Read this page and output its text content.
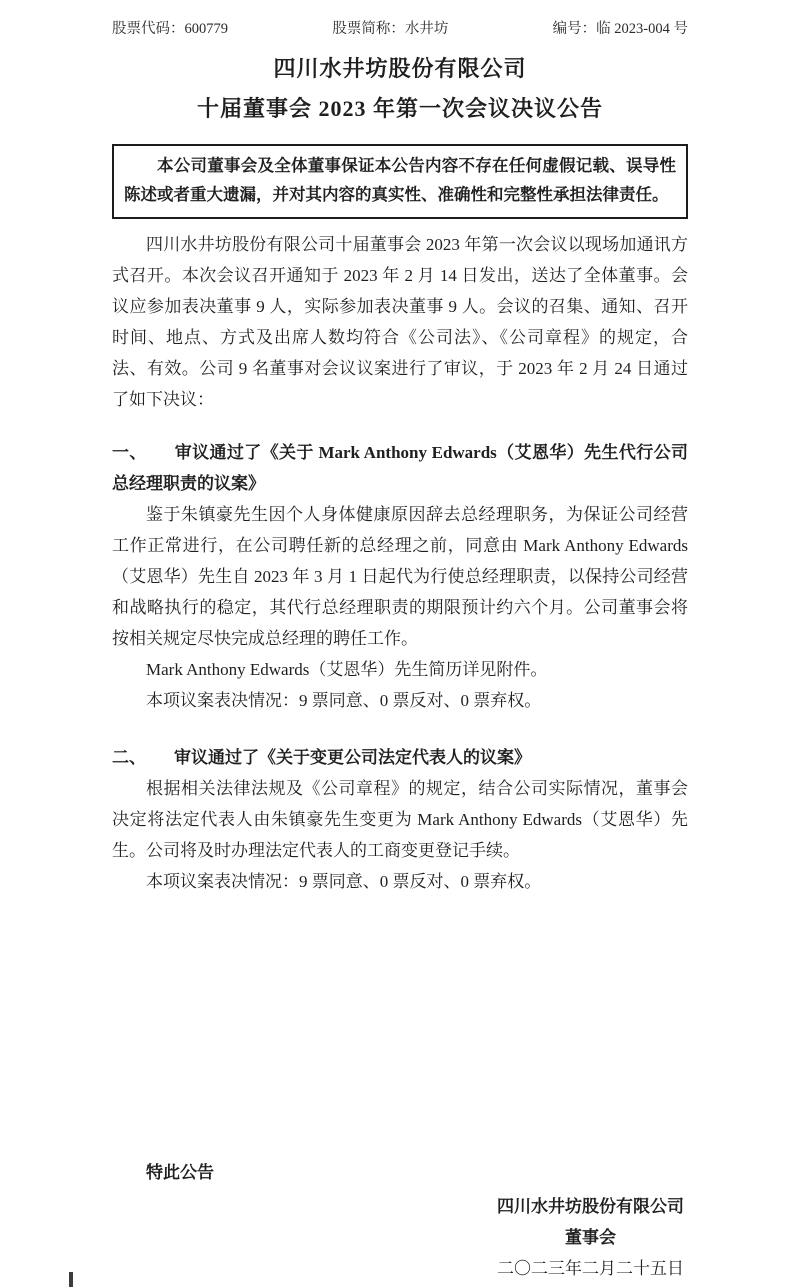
股票代码：600779	股票简称：水井坊	编号：临 2023-004 号
四川水井坊股份有限公司
十届董事会 2023 年第一次会议决议公告

本公司董事会及全体董事保证本公告内容不存在任何虚假记载、误导性陈述或者重大遗漏，并对其内容的真实性、准确性和完整性承担法律责任。

四川水井坊股份有限公司十届董事会 2023 年第一次会议以现场加通讯方式召开。本次会议召开通知于 2023 年 2 月 14 日发出，送达了全体董事。会议应参加表决董事 9 人，实际参加表决董事 9 人。会议的召集、通知、召开时间、地点、方式及出席人数均符合《公司法》、《公司章程》的规定，合法、有效。公司 9 名董事对会议议案进行了审议，于 2023 年 2 月 24 日通过了如下决议：

一、 审议通过了《关于 Mark Anthony Edwards（艾恩华）先生代行公司总经理职责的议案》

鉴于朱镇豪先生因个人身体健康原因辞去总经理职务，为保证公司经营工作正常进行，在公司聘任新的总经理之前，同意由 Mark Anthony Edwards（艾恩华）先生自 2023 年 3 月 1 日起代为行使总经理职责，以保持公司经营和战略执行的稳定，其代行总经理职责的期限预计约六个月。公司董事会将按相关规定尽快完成总经理的聘任工作。

Mark Anthony Edwards（艾恩华）先生简历详见附件。

本项议案表决情况：9 票同意、0 票反对、0 票弃权。

二、 审议通过了《关于变更公司法定代表人的议案》

根据相关法律法规及《公司章程》的规定，结合公司实际情况，董事会决定将法定代表人由朱镇豪先生变更为 Mark Anthony Edwards（艾恩华）先生。公司将及时办理法定代表人的工商变更登记手续。

本项议案表决情况：9 票同意、0 票反对、0 票弃权。

特此公告

四川水井坊股份有限公司

董事会

二〇二三年二月二十五日
